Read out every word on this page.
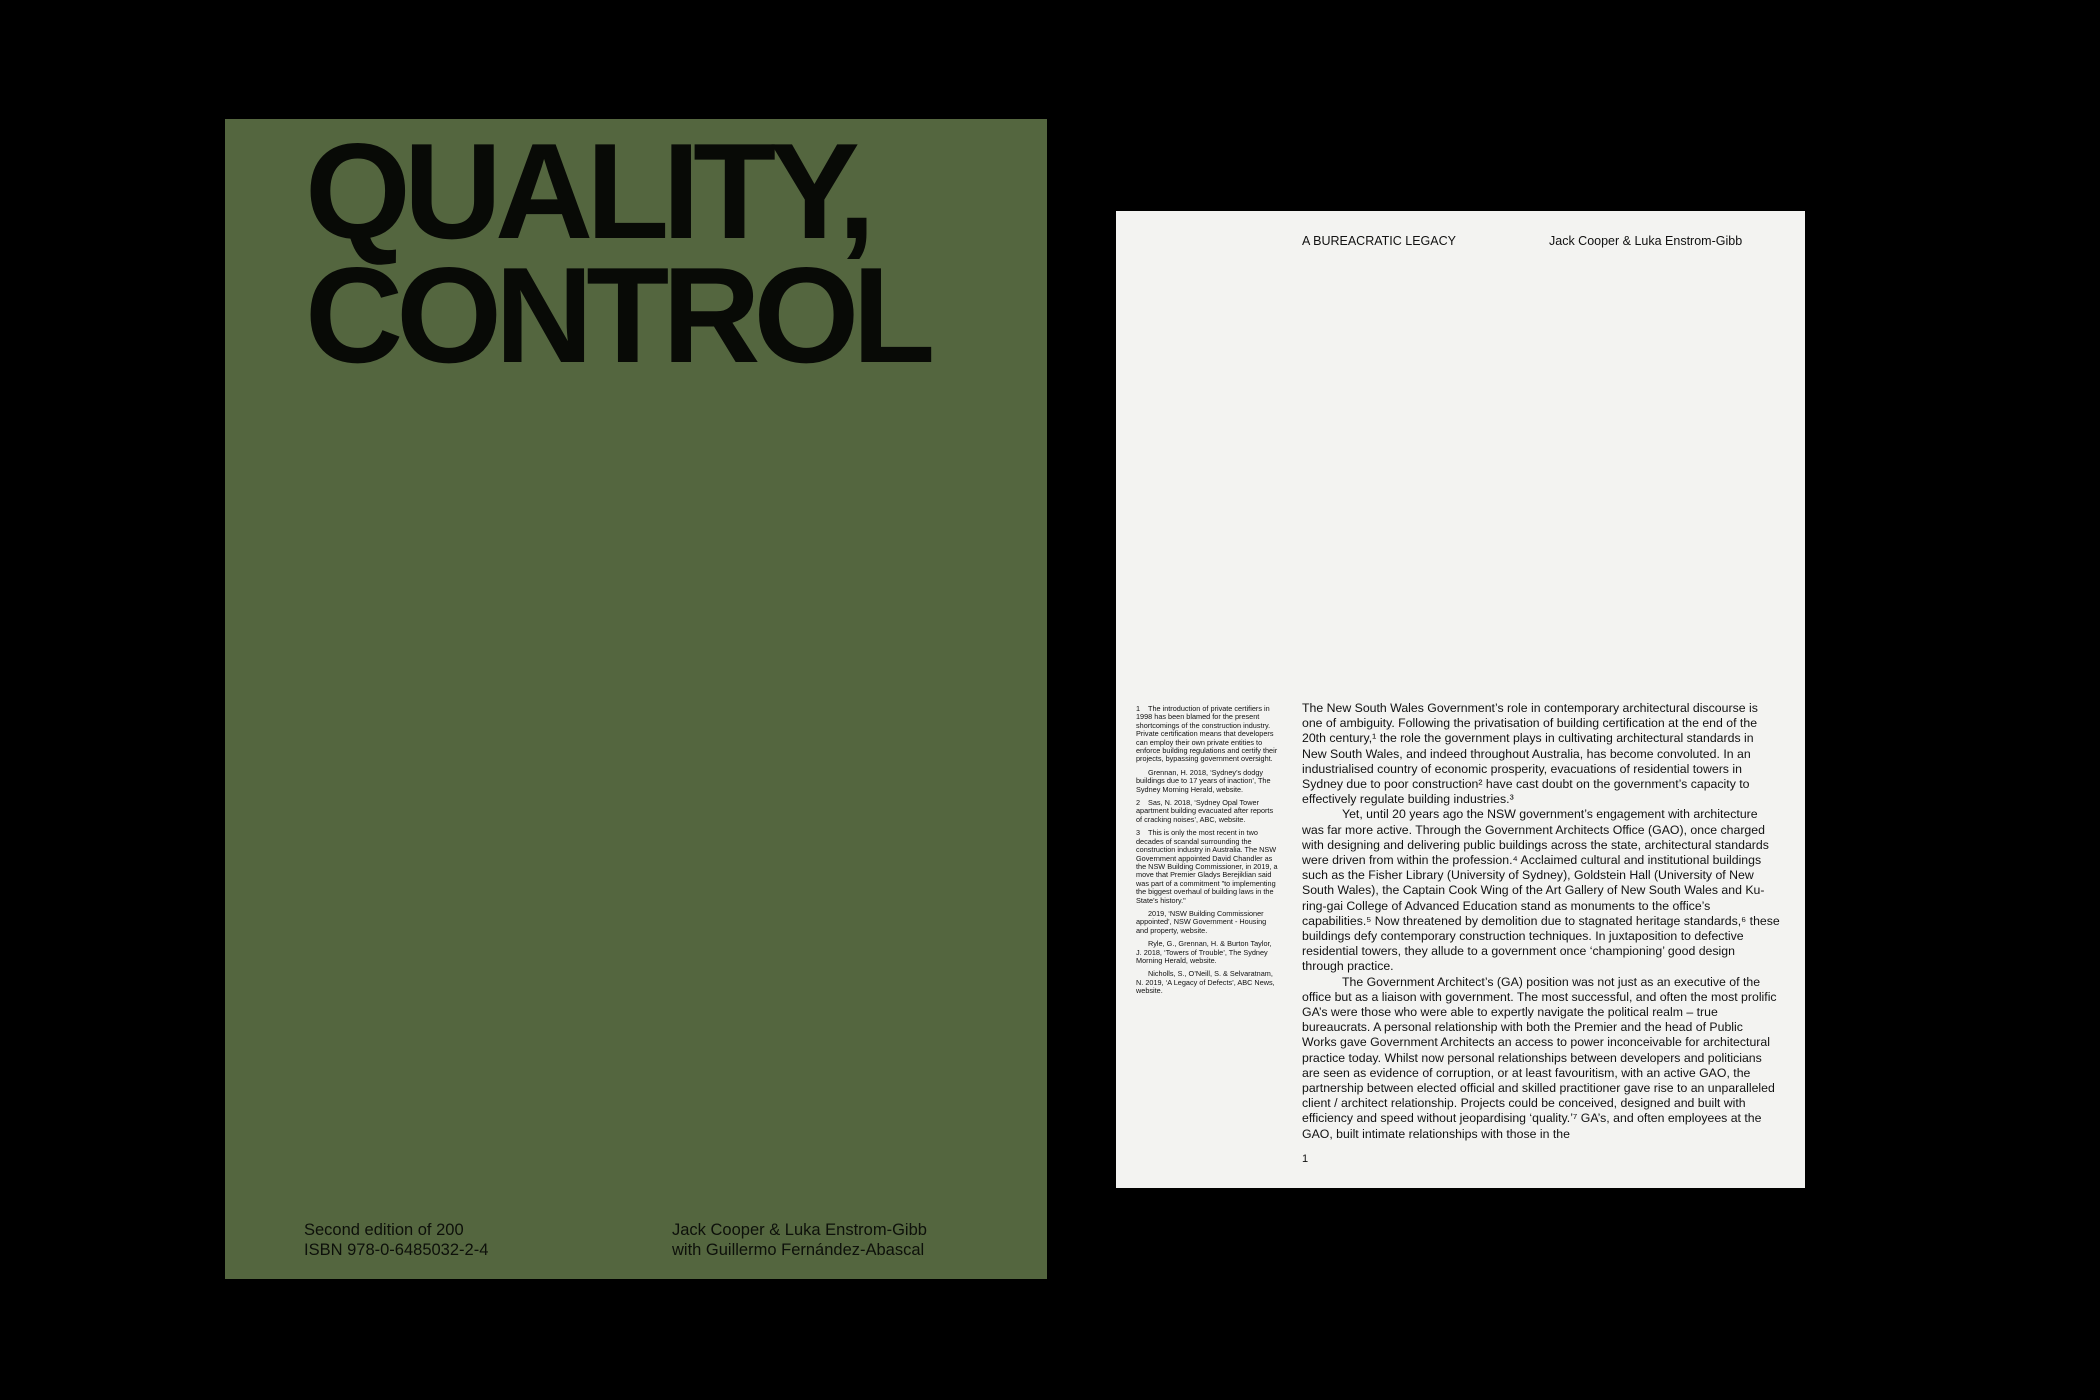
QUALITY,
CONTROL
Second edition of 200
ISBN 978-0-6485032-2-4
Jack Cooper & Luka Enstrom-Gibb
with Guillermo Fernández-Abascal
A BUREACRATIC LEGACY	Jack Cooper & Luka Enstrom-Gibb

1 The introduction of private certifiers in 1998 has been blamed for the present shortcomings of the construction industry. Private certification means that developers can employ their own private entities to enforce building regulations and certify their projects, bypassing government oversight.

Grennan, H. 2018, ‘Sydney’s dodgy buildings due to 17 years of inaction’, The Sydney Morning Herald, website.

2 Sas, N. 2018, ‘Sydney Opal Tower apartment building evacuated after reports of cracking noises’, ABC, website.

3 This is only the most recent in two decades of scandal surrounding the construction industry in Australia. The NSW Government appointed David Chandler as the NSW Building Commissioner, in 2019, a move that Premier Gladys Berejiklian said was part of a commitment "to implementing the biggest overhaul of building laws in the State’s history."

2019, ‘NSW Building Commissioner appointed’, NSW Government - Housing and property, website.

Ryle, G., Grennan, H. & Burton Taylor, J. 2018, ‘Towers of Trouble’, The Sydney Morning Herald, website.

Nicholls, S., O’Neill, S. & Selvaratnam, N. 2019, ‘A Legacy of Defects’, ABC News, website.

The New South Wales Government’s role in contemporary architectural discourse is one of ambiguity. Following the privatisation of building certification at the end of the 20th century,¹ the role the government plays in cultivating architectural standards in New South Wales, and indeed throughout Australia, has become convoluted. In an industrialised country of economic prosperity, evacuations of residential towers in Sydney due to poor construction² have cast doubt on the government’s capacity to effectively regulate building industries.³

Yet, until 20 years ago the NSW government’s engagement with architecture was far more active. Through the Government Architects Office (GAO), once charged with designing and delivering public buildings across the state, architectural standards were driven from within the profession.⁴ Acclaimed cultural and institutional buildings such as the Fisher Library (University of Sydney), Goldstein Hall (University of New South Wales), the Captain Cook Wing of the Art Gallery of New South Wales and Ku-ring-gai College of Advanced Education stand as monuments to the office’s capabilities.⁵ Now threatened by demolition due to stagnated heritage standards,⁶ these buildings defy contemporary construction techniques. In juxtaposition to defective residential towers, they allude to a government once ‘championing’ good design through practice.

The Government Architect’s (GA) position was not just as an executive of the office but as a liaison with government. The most successful, and often the most prolific GA’s were those who were able to expertly navigate the political realm – true bureaucrats. A personal relationship with both the Premier and the head of Public Works gave Government Architects an access to power inconceivable for architectural practice today. Whilst now personal relationships between developers and politicians are seen as evidence of corruption, or at least favouritism, with an active GAO, the partnership between elected official and skilled practitioner gave rise to an unparalleled client / architect relationship. Projects could be conceived, designed and built with efficiency and speed without jeopardising ‘quality.’⁷ GA’s, and often employees at the GAO, built intimate relationships with those in the

1
